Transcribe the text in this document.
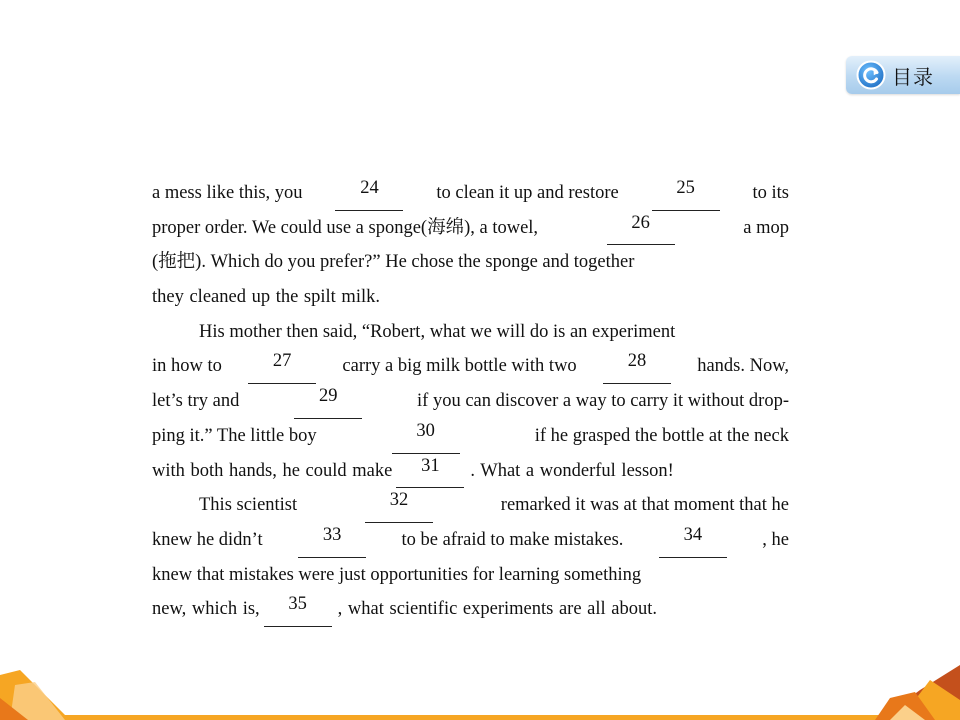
目录
a mess like this, you	24	to clean it up and restore	25	to its
proper order. We could use a sponge(海绵), a towel,	26	a mop
(拖把). Which do you prefer?” He chose the sponge and together
they cleaned up the spilt milk.
His mother then said, “Robert, what we will do is an experiment
in how to	27	carry a big milk bottle with two	28	hands. Now,
let’s try and	29	if you can discover a way to carry it without drop-
ping it.” The little boy	30	if he grasped the bottle at the neck
with both hands, he could make	31	. What a wonderful lesson!
This scientist	32	remarked it was at that moment that he
knew he didn’t	33	to be afraid to make mistakes.	34	, he
knew that mistakes were just opportunities for learning something
new, which is,	35	, what scientific experiments are all about.
